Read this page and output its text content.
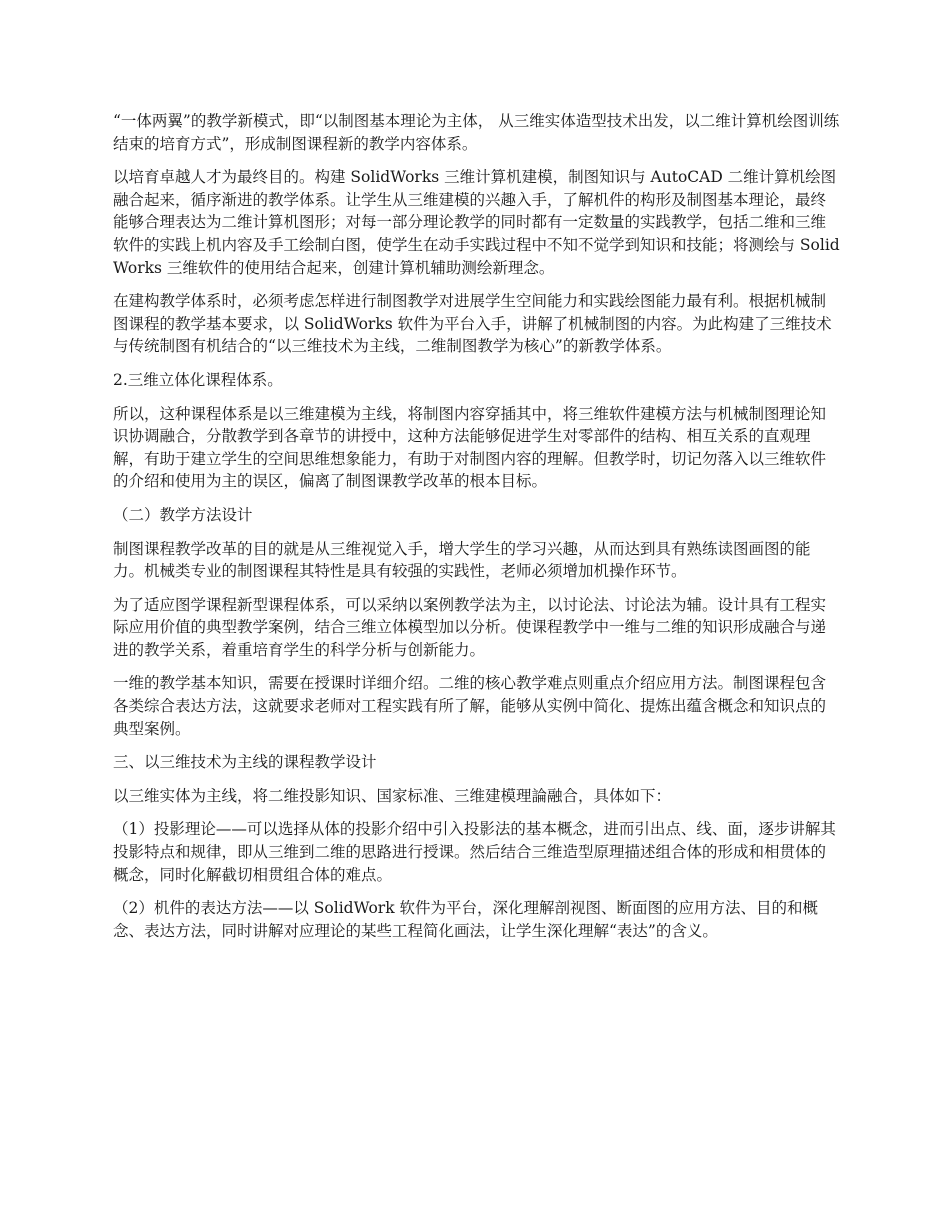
“一体两翼”的教学新模式，即“以制图基本理论为主体， 从三维实体造型技术出发，以二维计算机绘图训练结束的培育方式”，形成制图课程新的教学内容体系。

以培育卓越人才为最终目的。构建 SolidWorks 三维计算机建模，制图知识与 AutoCAD 二维计算机绘图融合起来，循序渐进的教学体系。让学生从三维建模的兴趣入手，了解机件的构形及制图基本理论，最终能够合理表达为二维计算机图形；对每一部分理论教学的同时都有一定数量的实践教学，包括二维和三维软件的实践上机内容及手工绘制白图，使学生在动手实践过程中不知不觉学到知识和技能；将测绘与 SolidWorks 三维软件的使用结合起来，创建计算机辅助测绘新理念。

在建构教学体系时，必须考虑怎样进行制图教学对进展学生空间能力和实践绘图能力最有利。根据机械制图课程的教学基本要求，以 SolidWorks 软件为平台入手，讲解了机械制图的内容。为此构建了三维技术与传统制图有机结合的“以三维技术为主线，二维制图教学为核心”的新教学体系。

2.三维立体化课程体系。

所以，这种课程体系是以三维建模为主线，将制图内容穿插其中，将三维软件建模方法与机械制图理论知识协调融合，分散教学到各章节的讲授中，这种方法能够促进学生对零部件的结构、相互关系的直观理解，有助于建立学生的空间思维想象能力，有助于对制图内容的理解。但教学时，切记勿落入以三维软件的介绍和使用为主的误区，偏离了制图课教学改革的根本目标。

（二）教学方法设计

制图课程教学改革的目的就是从三维视觉入手，增大学生的学习兴趣，从而达到具有熟练读图画图的能力。机械类专业的制图课程其特性是具有较强的实践性，老师必须增加机操作环节。

为了适应图学课程新型课程体系，可以采纳以案例教学法为主，以讨论法、讨论法为辅。设计具有工程实际应用价值的典型教学案例，结合三维立体模型加以分析。使课程教学中一维与二维的知识形成融合与递进的教学关系，着重培育学生的科学分析与创新能力。

一维的教学基本知识，需要在授课时详细介绍。二维的核心教学难点则重点介绍应用方法。制图课程包含各类综合表达方法，这就要求老师对工程实践有所了解，能够从实例中简化、提炼出蕴含概念和知识点的典型案例。

三、以三维技术为主线的课程教学设计

以三维实体为主线，将二维投影知识、国家标准、三维建模理論融合，具体如下：

（1）投影理论——可以选择从体的投影介绍中引入投影法的基本概念，进而引出点、线、面，逐步讲解其投影特点和规律，即从三维到二维的思路进行授课。然后结合三维造型原理描述组合体的形成和相贯体的概念，同时化解截切相贯组合体的难点。

（2）机件的表达方法——以 SolidWork 软件为平台，深化理解剖视图、断面图的应用方法、目的和概念、表达方法，同时讲解对应理论的某些工程简化画法，让学生深化理解“表达”的含义。
